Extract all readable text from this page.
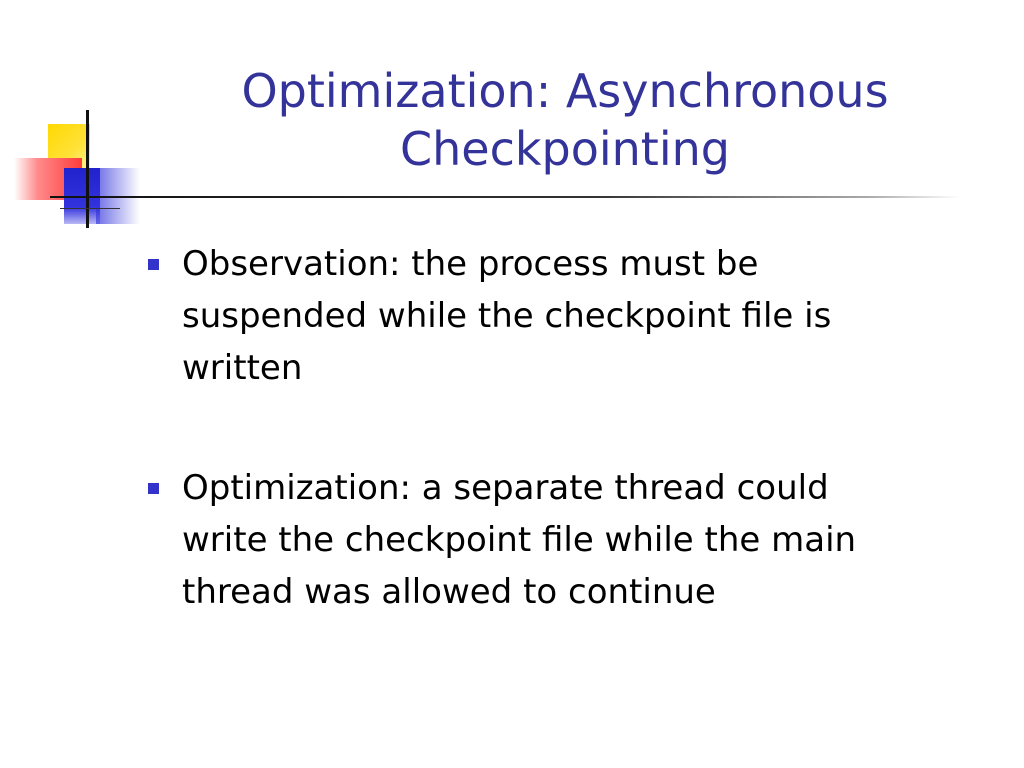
Optimization: Asynchronous
Checkpointing
Observation: the process must be
suspended while the checkpoint file is
written
Optimization: a separate thread could
write the checkpoint file while the main
thread was allowed to continue
